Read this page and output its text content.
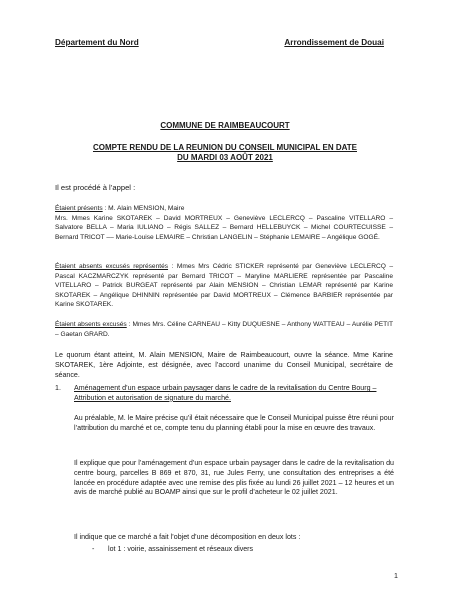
Département du Nord	Arrondissement de Douai
COMMUNE DE RAIMBEAUCOURT
COMPTE RENDU DE LA REUNION DU CONSEIL MUNICIPAL EN DATE
DU MARDI 03 AOÛT 2021
Il est procédé à l’appel :
Étaient présents : M. Alain MENSION, Maire
Mrs. Mmes Karine SKOTAREK – David MORTREUX – Geneviève LECLERCQ – Pascaline VITELLARO – Salvatore BELLA – Maria IULIANO – Régis SALLEZ – Bernard HELLEBUYCK – Michel COURTECUISSE – Bernard TRICOT –– Marie-Louise LEMAIRE – Christian LANGELIN – Stéphanie LEMAIRE – Angélique GOGÉ.
Étaient absents excusés représentés : Mmes Mrs Cédric STICKER représenté par Geneviève LECLERCQ – Pascal KACZMARCZYK représenté par Bernard TRICOT – Maryline MARLIERE représentée par Pascaline VITELLARO – Patrick BURGEAT représenté par Alain MENSION – Christian LEMAR représenté par Karine SKOTAREK – Angélique DHINNIN représentée par David MORTREUX – Clémence BARBIER représentée par Karine SKOTAREK.
Étaient absents excusés : Mmes Mrs. Céline CARNEAU – Kitty DUQUESNE – Anthony WATTEAU – Aurélie PETIT – Gaetan GRARD.
Le quorum étant atteint, M. Alain MENSION, Maire de Raimbeaucourt, ouvre la séance. Mme Karine SKOTAREK, 1ère Adjointe, est désignée, avec l’accord unanime du Conseil Municipal, secrétaire de séance.
1. Aménagement d’un espace urbain paysager dans le cadre de la revitalisation du Centre Bourg – Attribution et autorisation de signature du marché.
Au préalable, M. le Maire précise qu’il était nécessaire que le Conseil Municipal puisse être réuni pour l’attribution du marché et ce, compte tenu du planning établi pour la mise en œuvre des travaux.
Il explique que pour l’aménagement d’un espace urbain paysager dans le cadre de la revitalisation du centre bourg, parcelles B 869 et 870, 31, rue Jules Ferry, une consultation des entreprises a été lancée en procédure adaptée avec une remise des plis fixée au lundi 26 juillet 2021 – 12 heures et un avis de marché publié au BOAMP ainsi que sur le profil d’acheteur le 02 juillet 2021.
Il indique que ce marché a fait l’objet d’une décomposition en deux lots :
- lot 1 : voirie, assainissement et réseaux divers
1
